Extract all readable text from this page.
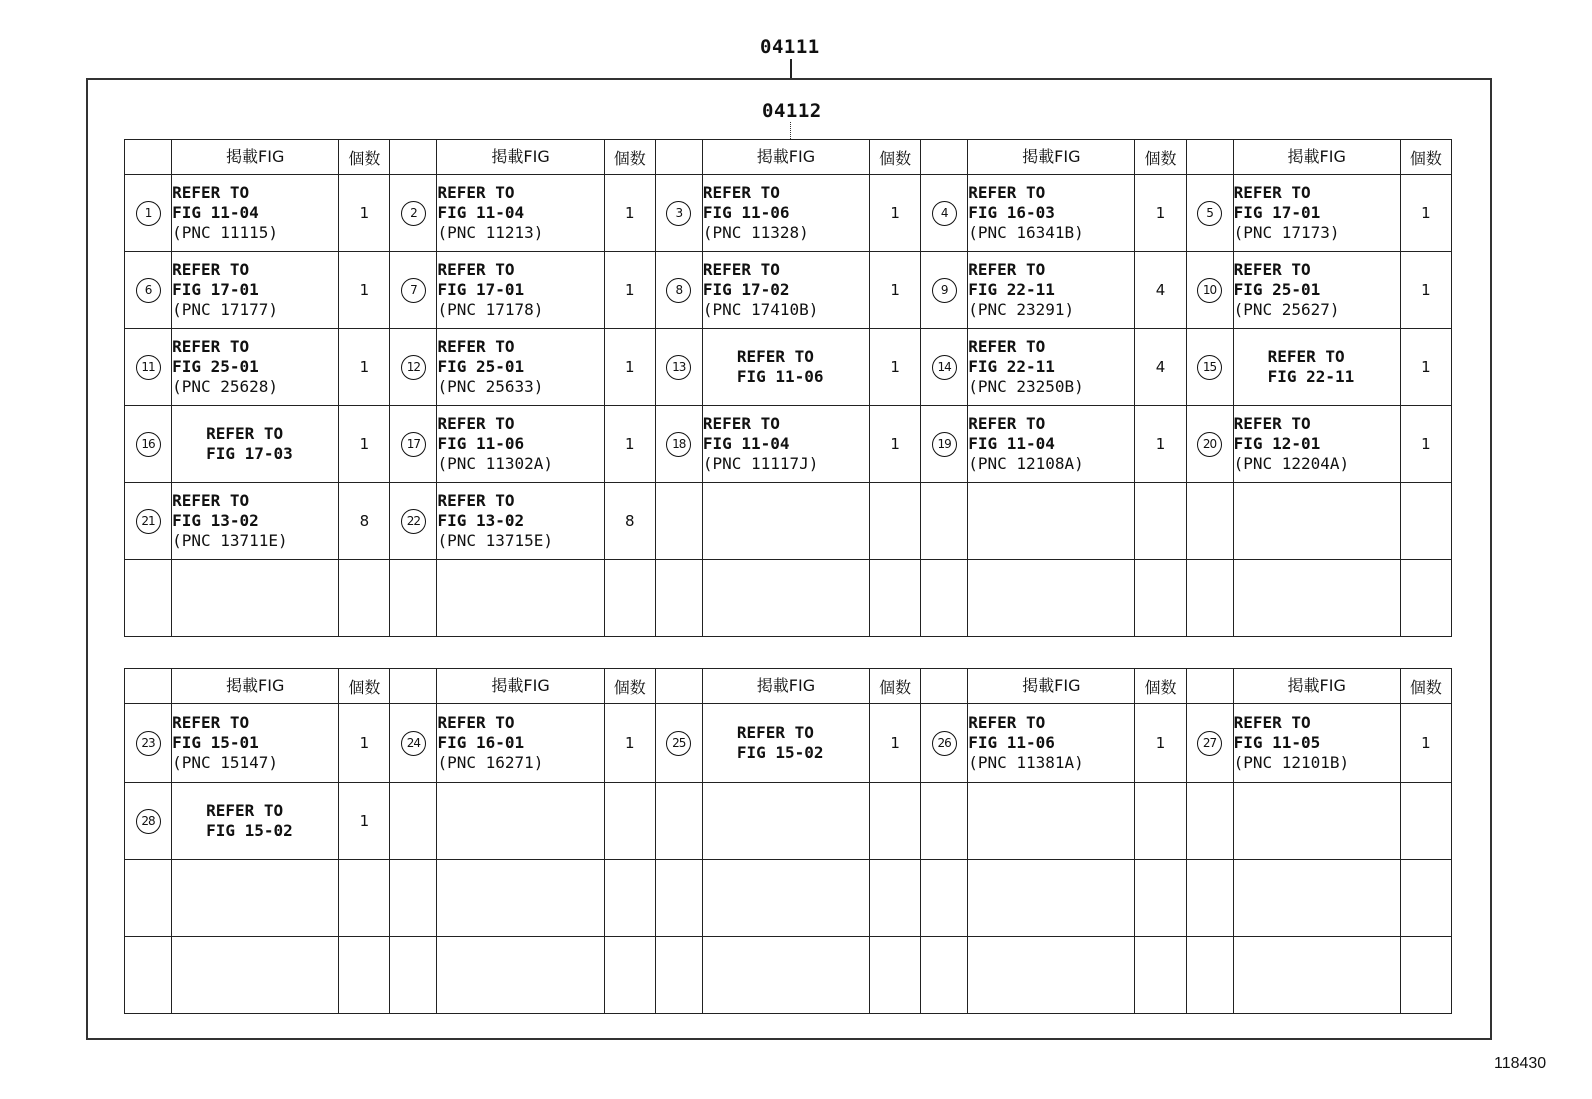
04111
04112
	掲載FIG	個数		掲載FIG	個数		掲載FIG	個数		掲載FIG	個数		掲載FIG	個数
1	REFER TO
FIG 11-04
(PNC 11115)	1	2	REFER TO
FIG 11-04
(PNC 11213)	1	3	REFER TO
FIG 11-06
(PNC 11328)	1	4	REFER TO
FIG 16-03
(PNC 16341B)	1	5	REFER TO
FIG 17-01
(PNC 17173)	1
6	REFER TO
FIG 17-01
(PNC 17177)	1	7	REFER TO
FIG 17-01
(PNC 17178)	1	8	REFER TO
FIG 17-02
(PNC 17410B)	1	9	REFER TO
FIG 22-11
(PNC 23291)	4	10	REFER TO
FIG 25-01
(PNC 25627)	1
11	REFER TO
FIG 25-01
(PNC 25628)	1	12	REFER TO
FIG 25-01
(PNC 25633)	1	13	REFER TO
FIG 11-06	1	14	REFER TO
FIG 22-11
(PNC 23250B)	4	15	REFER TO
FIG 22-11	1
16	REFER TO
FIG 17-03	1	17	REFER TO
FIG 11-06
(PNC 11302A)	1	18	REFER TO
FIG 11-04
(PNC 11117J)	1	19	REFER TO
FIG 11-04
(PNC 12108A)	1	20	REFER TO
FIG 12-01
(PNC 12204A)	1
21	REFER TO
FIG 13-02
(PNC 13711E)	8	22	REFER TO
FIG 13-02
(PNC 13715E)	8									

	掲載FIG	個数		掲載FIG	個数		掲載FIG	個数		掲載FIG	個数		掲載FIG	個数
23	REFER TO
FIG 15-01
(PNC 15147)	1	24	REFER TO
FIG 16-01
(PNC 16271)	1	25	REFER TO
FIG 15-02	1	26	REFER TO
FIG 11-06
(PNC 11381A)	1	27	REFER TO
FIG 11-05
(PNC 12101B)	1
28	REFER TO
FIG 15-02	1												

118430
